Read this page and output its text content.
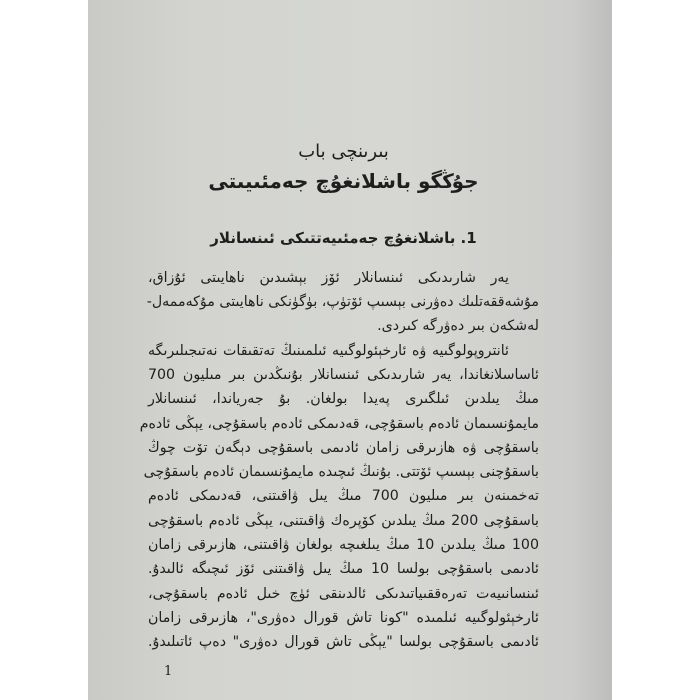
بىرىنچى باب
جۇڭگو باشلانغۇچ جەمئىيىتى
1. باشلانغۇچ جەمئىيەتتىكى ئىنسانلار
يەر شارىدىكى ئىنسانلار ئۆز بېشىدىن ناھايىتى ئۇزاق،
مۇشەققەتلىك دەۋرنى بېسىپ ئۆتۈپ، بۈگۈنكى ناھايىتى مۇكەممەل-
لەشكەن بىر دەۋرگە كىردى.
ئانتروپولوگىيە ۋە ئارخېئولوگىيە ئىلمىنىڭ تەتقىقات نەتىجىلىرىگە
ئاساسلانغاندا، يەر شارىدىكى ئىنسانلار بۇنىڭدىن بىر مىليون 700
مىڭ يىلدىن ئىلگىرى پەيدا بولغان. بۇ جەرياندا، ئىنسانلار
مايمۇنسىمان ئادەم باسقۇچى، قەدىمكى ئادەم باسقۇچى، يېڭى ئادەم
باسقۇچى ۋە ھازىرقى زامان ئادىمى باسقۇچى دېگەن تۆت چوڭ
باسقۇچنى بېسىپ ئۆتتى. بۇنىڭ ئىچىدە مايمۇنسىمان ئادەم باسقۇچى
تەخمىنەن بىر مىليون 700 مىڭ يىل ۋاقىتنى، قەدىمكى ئادەم
باسقۇچى 200 مىڭ يىلدىن كۆپرەك ۋاقىتنى، يېڭى ئادەم باسقۇچى
100 مىڭ يىلدىن 10 مىڭ يىلغىچە بولغان ۋاقىتنى، ھازىرقى زامان
ئادىمى باسقۇچى بولسا 10 مىڭ يىل ۋاقىتنى ئۆز ئىچىگە ئالىدۇ.
ئىنسانىيەت تەرەققىياتىدىكى ئالدىنقى ئۈچ خىل ئادەم باسقۇچى،
ئارخېئولوگىيە ئىلمىدە "كونا تاش قورال دەۋرى"، ھازىرقى زامان
ئادىمى باسقۇچى بولسا "يېڭى تاش قورال دەۋرى" دەپ ئاتىلىدۇ.
1
